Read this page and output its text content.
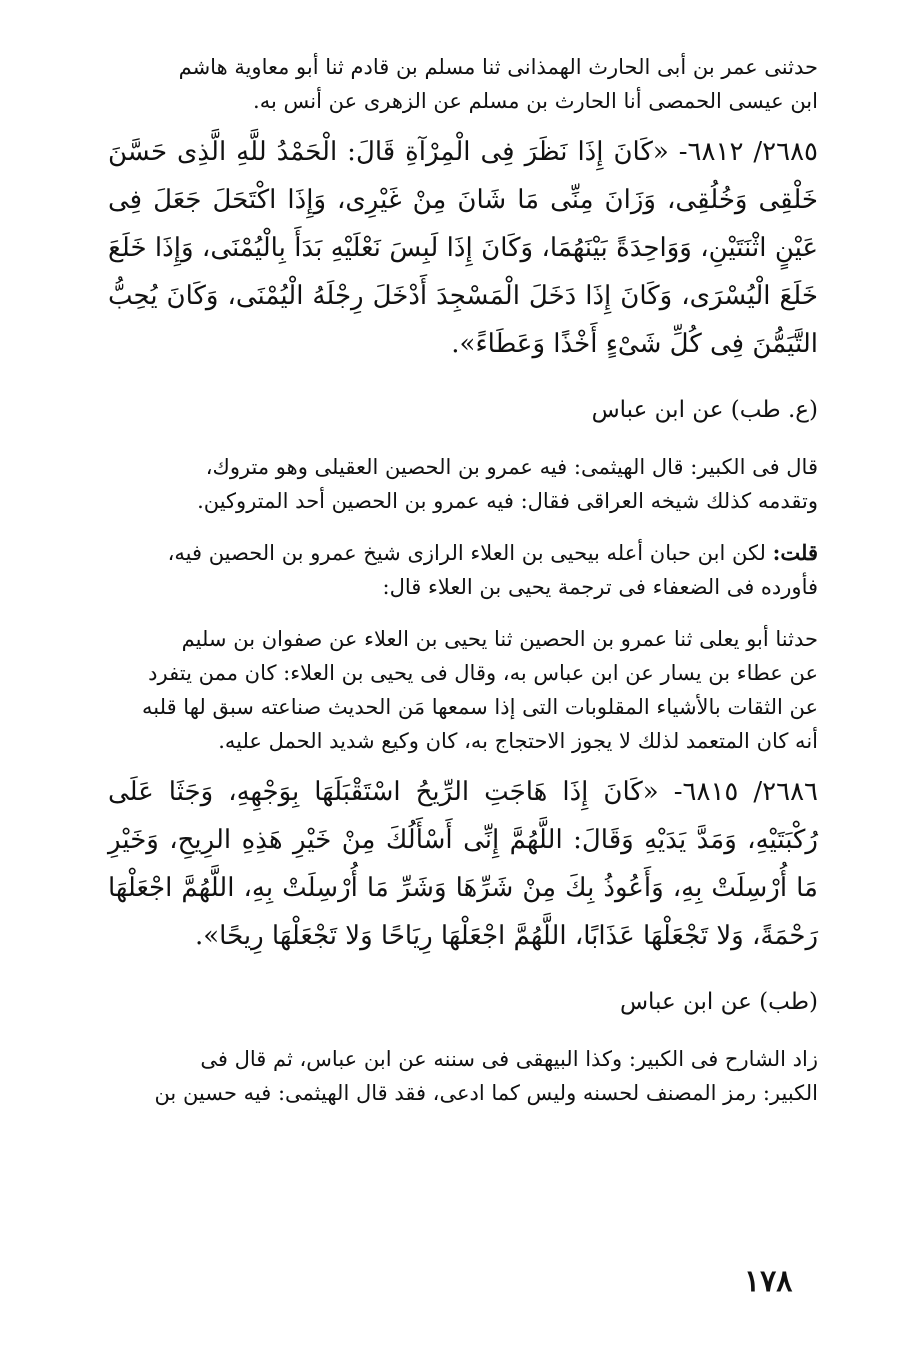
حدثنى عمر بن أبى الحارث الهمذانى ثنا مسلم بن قادم ثنا أبو معاوية هاشم

ابن عيسى الحمصى أنا الحارث بن مسلم عن الزهرى عن أنس به.

٢٦٨٥/ ٦٨١٢- «كَانَ إِذَا نَظَرَ فِى الْمِرْآةِ قَالَ: الْحَمْدُ للَّهِ الَّذِى حَسَّنَ خَلْقِى وَخُلُقِى، وَزَانَ مِنِّى مَا شَانَ مِنْ غَيْرِى، وَإِذَا اكْتَحَلَ جَعَلَ فِى عَيْنٍ اثْنَتَيْنِ، وَوَاحِدَةً بَيْنَهُمَا، وَكَانَ إِذَا لَبِسَ نَعْلَيْهِ بَدَأَ بِالْيُمْنَى، وَإِذَا خَلَعَ خَلَعَ الْيُسْرَى، وَكَانَ إِذَا دَخَلَ الْمَسْجِدَ أَدْخَلَ رِجْلَهُ الْيُمْنَى، وَكَانَ يُحِبُّ التَّيَمُّنَ فِى كُلِّ شَىْءٍ أَخْذًا وَعَطَاءً».

(ع. طب) عن ابن عباس

قال فى الكبير: قال الهيثمى: فيه عمرو بن الحصين العقيلى وهو متروك،

وتقدمه كذلك شيخه العراقى فقال: فيه عمرو بن الحصين أحد المتروكين.

قلت: لكن ابن حبان أعله بيحيى بن العلاء الرازى شيخ عمرو بن الحصين فيه،

فأورده فى الضعفاء فى ترجمة يحيى بن العلاء قال:

حدثنا أبو يعلى ثنا عمرو بن الحصين ثنا يحيى بن العلاء عن صفوان بن سليم

عن عطاء بن يسار عن ابن عباس به، وقال فى يحيى بن العلاء: كان ممن يتفرد

عن الثقات بالأشياء المقلوبات التى إذا سمعها مَن الحديث صناعته سبق لها قلبه

أنه كان المتعمد لذلك لا يجوز الاحتجاج به، كان وكيع شديد الحمل عليه.

٢٦٨٦/ ٦٨١٥- «كَانَ إِذَا هَاجَتِ الرِّيحُ اسْتَقْبَلَهَا بِوَجْهِهِ، وَجَثَا عَلَى رُكْبَتَيْهِ، وَمَدَّ يَدَيْهِ وَقَالَ: اللَّهُمَّ إِنِّى أَسْأَلُكَ مِنْ خَيْرِ هَذِهِ الرِيحِ، وَخَيْرِ مَا أُرْسِلَتْ بِهِ، وَأَعُوذُ بِكَ مِنْ شَرِّهَا وَشَرِّ مَا أُرْسِلَتْ بِهِ، اللَّهُمَّ اجْعَلْهَا رَحْمَةً، وَلا تَجْعَلْهَا عَذَابًا، اللَّهُمَّ اجْعَلْهَا رِيَاحًا وَلا تَجْعَلْهَا رِيحًا».

(طب) عن ابن عباس

زاد الشارح فى الكبير: وكذا البيهقى فى سننه عن ابن عباس، ثم قال فى

الكبير: رمز المصنف لحسنه وليس كما ادعى، فقد قال الهيثمى: فيه حسين بن

١٧٨
